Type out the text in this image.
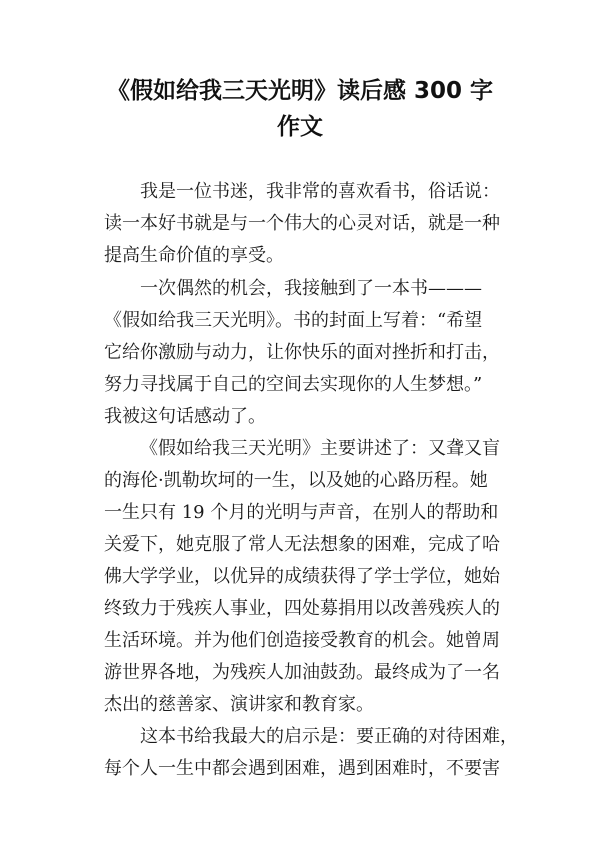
《假如给我三天光明》读后感 300 字
作文
我是一位书迷，我非常的喜欢看书，俗话说：
读一本好书就是与一个伟大的心灵对话，就是一种
提高生命价值的享受。
一次偶然的机会，我接触到了一本书———
《假如给我三天光明》。书的封面上写着：“希望
它给你激励与动力，让你快乐的面对挫折和打击，
努力寻找属于自己的空间去实现你的人生梦想。”
我被这句话感动了。
《假如给我三天光明》主要讲述了：又聋又盲
的海伦·凯勒坎坷的一生，以及她的心路历程。她
一生只有 19 个月的光明与声音，在别人的帮助和
关爱下，她克服了常人无法想象的困难，完成了哈
佛大学学业，以优异的成绩获得了学士学位，她始
终致力于残疾人事业，四处募捐用以改善残疾人的
生活环境。并为他们创造接受教育的机会。她曾周
游世界各地，为残疾人加油鼓劲。最终成为了一名
杰出的慈善家、演讲家和教育家。
这本书给我最大的启示是：要正确的对待困难，
每个人一生中都会遇到困难，遇到困难时，不要害
